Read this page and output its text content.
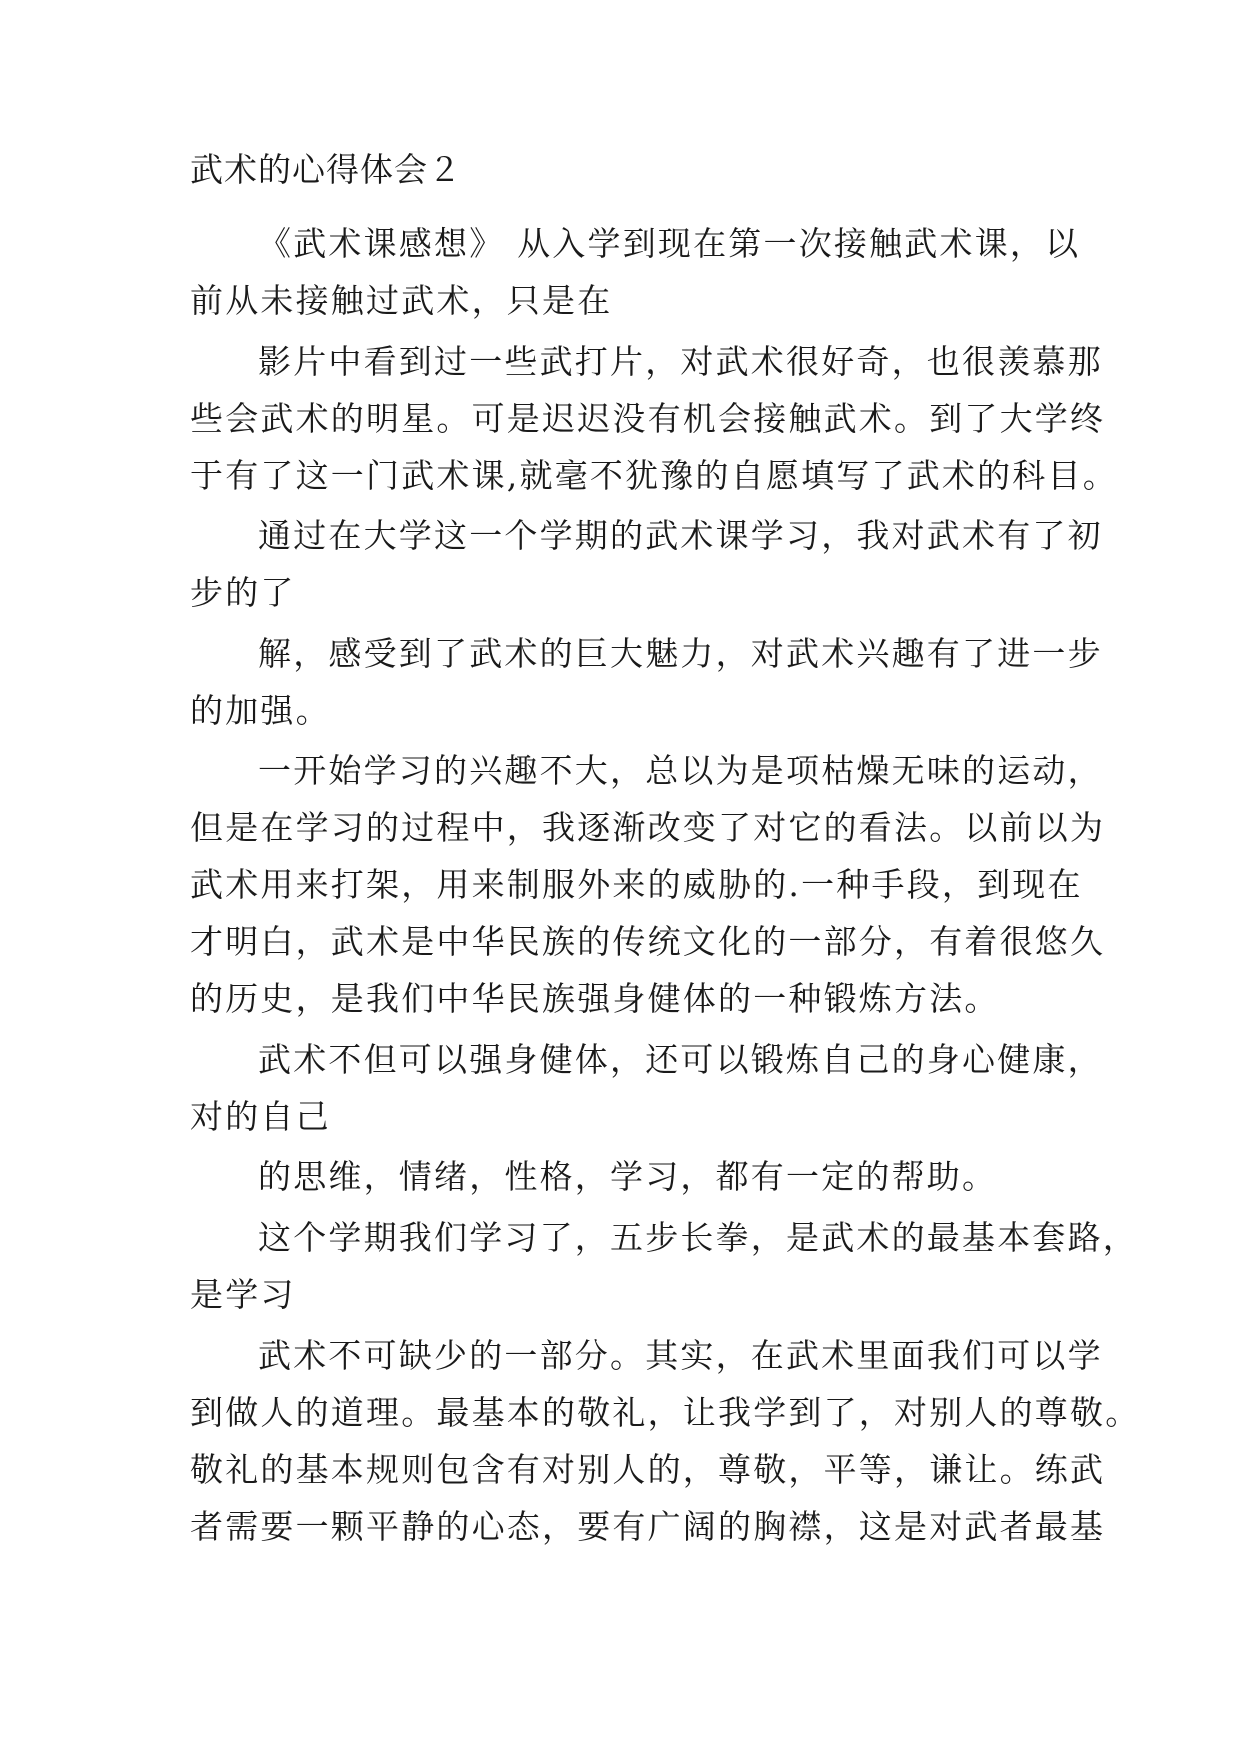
武术的心得体会２
《武术课感想》 从入学到现在第一次接触武术课，以
前从未接触过武术，只是在
影片中看到过一些武打片，对武术很好奇，也很羡慕那
些会武术的明星。可是迟迟没有机会接触武术。到了大学终
于有了这一门武术课,就毫不犹豫的自愿填写了武术的科目。
通过在大学这一个学期的武术课学习，我对武术有了初
步的了
解，感受到了武术的巨大魅力，对武术兴趣有了进一步
的加强。
一开始学习的兴趣不大，总以为是项枯燥无味的运动，
但是在学习的过程中，我逐渐改变了对它的看法。以前以为
武术用来打架，用来制服外来的威胁的.一种手段，到现在
才明白，武术是中华民族的传统文化的一部分，有着很悠久
的历史，是我们中华民族强身健体的一种锻炼方法。
武术不但可以强身健体，还可以锻炼自己的身心健康，
对的自己
的思维，情绪，性格，学习，都有一定的帮助。
这个学期我们学习了，五步长拳，是武术的最基本套路，
是学习
武术不可缺少的一部分。其实，在武术里面我们可以学
到做人的道理。最基本的敬礼，让我学到了，对别人的尊敬。
敬礼的基本规则包含有对别人的，尊敬，平等，谦让。练武
者需要一颗平静的心态，要有广阔的胸襟，这是对武者最基
